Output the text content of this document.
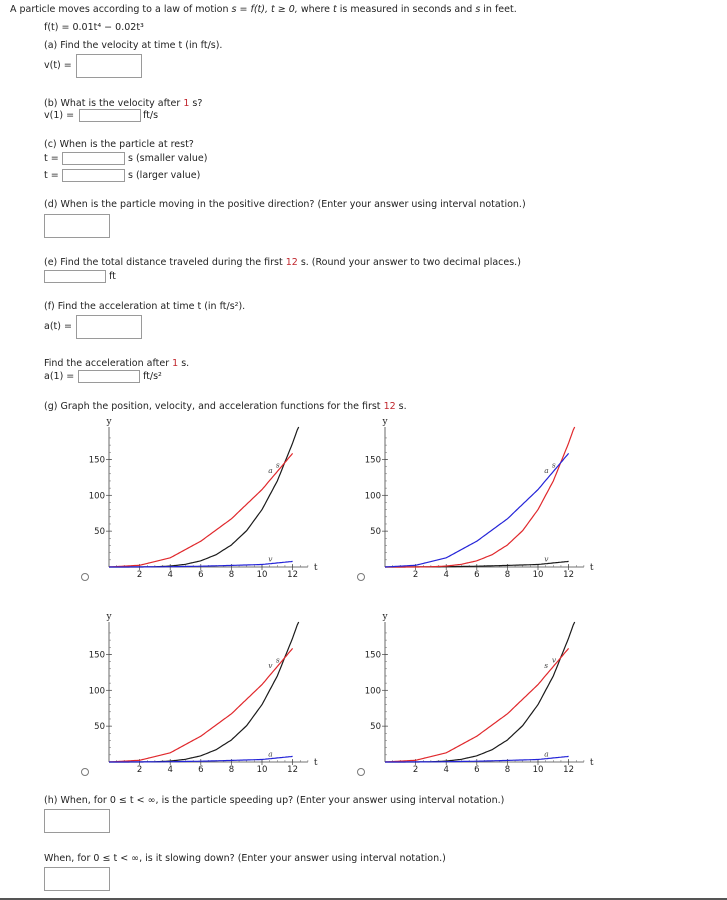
A particle moves according to a law of motion s = f(t), t ≥ 0, where t is measured in seconds and s in feet.
f(t) = 0.01t⁴ − 0.02t³
(a) Find the velocity at time t (in ft/s).
v(t) =
(b) What is the velocity after 1 s?
v(1) =	ft/s
(c) When is the particle at rest?
t =	s (smaller value)
t =	s (larger value)
(d) When is the particle moving in the positive direction? (Enter your answer using interval notation.)
(e) Find the total distance traveled during the first 12 s. (Round your answer to two decimal places.)
ft
(f) Find the acceleration at time t (in ft/s²).
a(t) =
Find the acceleration after 1 s.
a(1) =	ft/s²
(g) Graph the position, velocity, and acceleration functions for the first 12 s.
2	4	6	8	10 12
50
100
150
t
y
s
a
v
2	4	6	8	10 12
50
100
150
t
y
v
s
a
2	4	6	8	10 12
50
100
150
t
y
s
v
a
2	4	6	8	10 12
50
100
150
t
y
v
s
a
(h) When, for 0 ≤ t < ∞, is the particle speeding up? (Enter your answer using interval notation.)
When, for 0 ≤ t < ∞, is it slowing down? (Enter your answer using interval notation.)
